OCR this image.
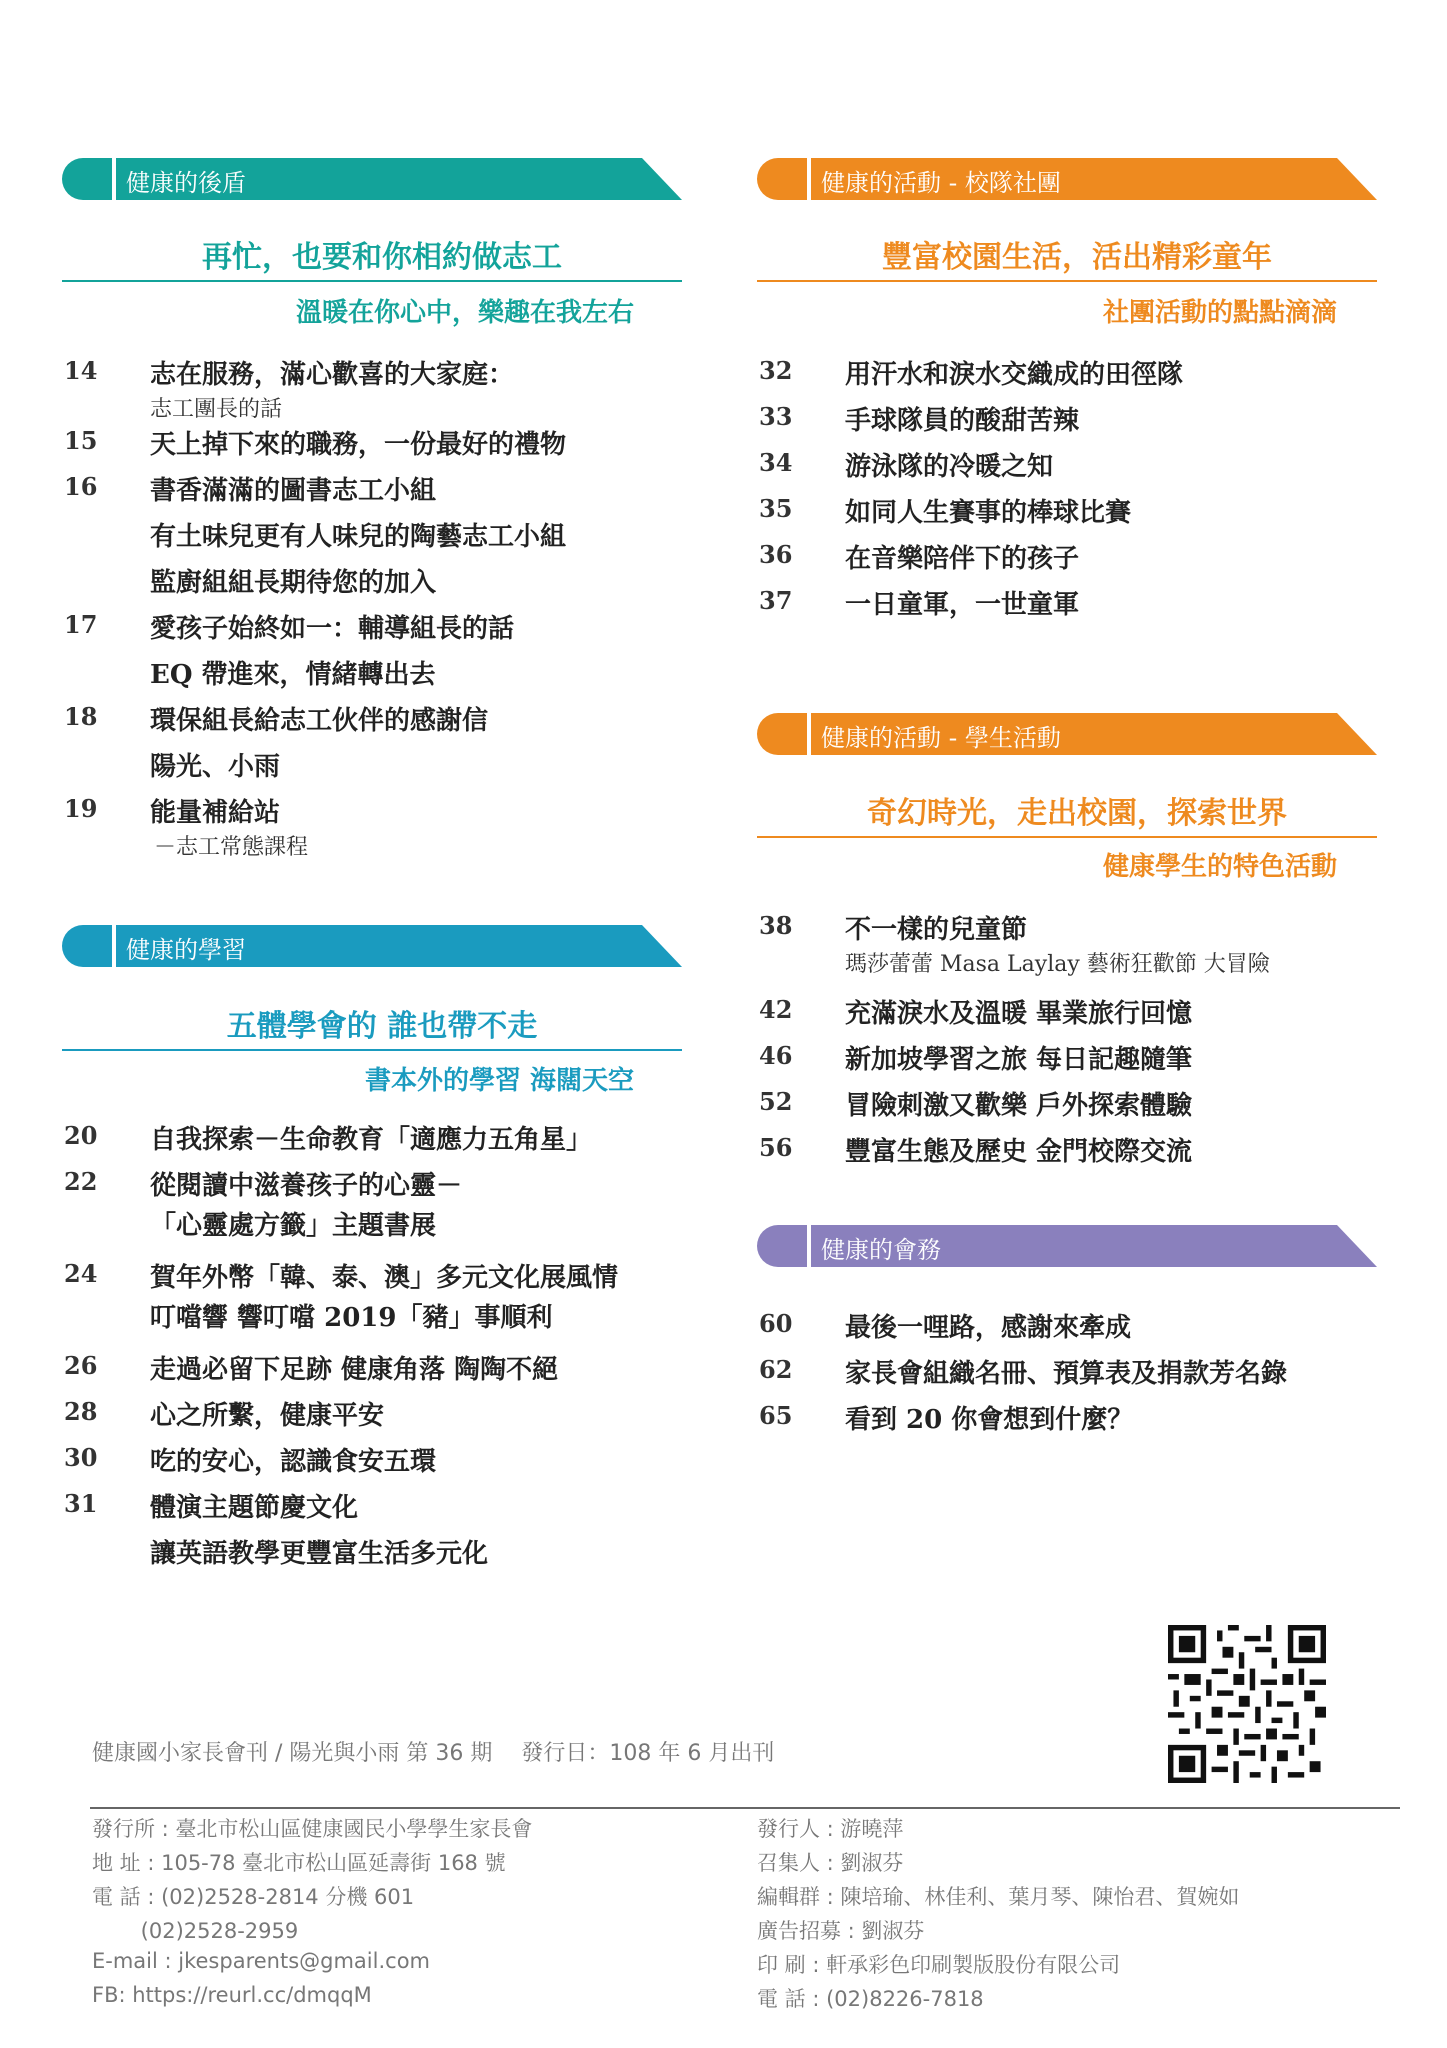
健康的後盾
再忙，也要和你相約做志工
溫暖在你心中，樂趣在我左右
14 志在服務，滿心歡喜的大家庭：
志工團長的話
15 天上掉下來的職務，一份最好的禮物
16 書香滿滿的圖書志工小組
有土味兒更有人味兒的陶藝志工小組
監廚組組長期待您的加入
17 愛孩子始終如一：輔導組長的話
EQ 帶進來，情緒轉出去
18 環保組長給志工伙伴的感謝信
陽光、小雨
19 能量補給站
－志工常態課程
健康的學習
五體學會的 誰也帶不走
書本外的學習 海闊天空
20 自我探索－生命教育「適應力五角星」
22 從閱讀中滋養孩子的心靈－
「心靈處方籤」主題書展
24 賀年外幣「韓、泰、澳」多元文化展風情
叮噹響 響叮噹 2019「豬」事順利
26 走過必留下足跡 健康角落 陶陶不絕
28 心之所繫，健康平安
30 吃的安心，認識食安五環
31 體演主題節慶文化
讓英語教學更豐富生活多元化
健康的活動 - 校隊社團
豐富校園生活，活出精彩童年
社團活動的點點滴滴
32 用汗水和淚水交織成的田徑隊
33 手球隊員的酸甜苦辣
34 游泳隊的冷暖之知
35 如同人生賽事的棒球比賽
36 在音樂陪伴下的孩子
37 一日童軍，一世童軍
健康的活動 - 學生活動
奇幻時光，走出校園，探索世界
健康學生的特色活動
38 不一樣的兒童節
瑪莎蕾蕾 Masa Laylay 藝術狂歡節 大冒險
42 充滿淚水及溫暖 畢業旅行回憶
46 新加坡學習之旅 每日記趣隨筆
52 冒險刺激又歡樂 戶外探索體驗
56 豐富生態及歷史 金門校際交流
健康的會務
60 最後一哩路，感謝來牽成
62 家長會組織名冊、預算表及捐款芳名錄
65 看到 20 你會想到什麼？
健康國小家長會刊 / 陽光與小雨 第 36 期　 發行日：108 年 6 月出刊
發行所 : 臺北市松山區健康國民小學學生家長會
地 址 : 105-78 臺北市松山區延壽街 168 號
電 話 : (02)2528-2814 分機 601
　　 (02)2528-2959
E-mail : jkesparents@gmail.com
FB: https://reurl.cc/dmqqM
發行人 : 游曉萍
召集人 : 劉淑芬
編輯群 : 陳培瑜、林佳利、葉月琴、陳怡君、賀婉如
廣告招募 : 劉淑芬
印 刷 : 軒承彩色印刷製版股份有限公司
電 話 : (02)8226-7818
